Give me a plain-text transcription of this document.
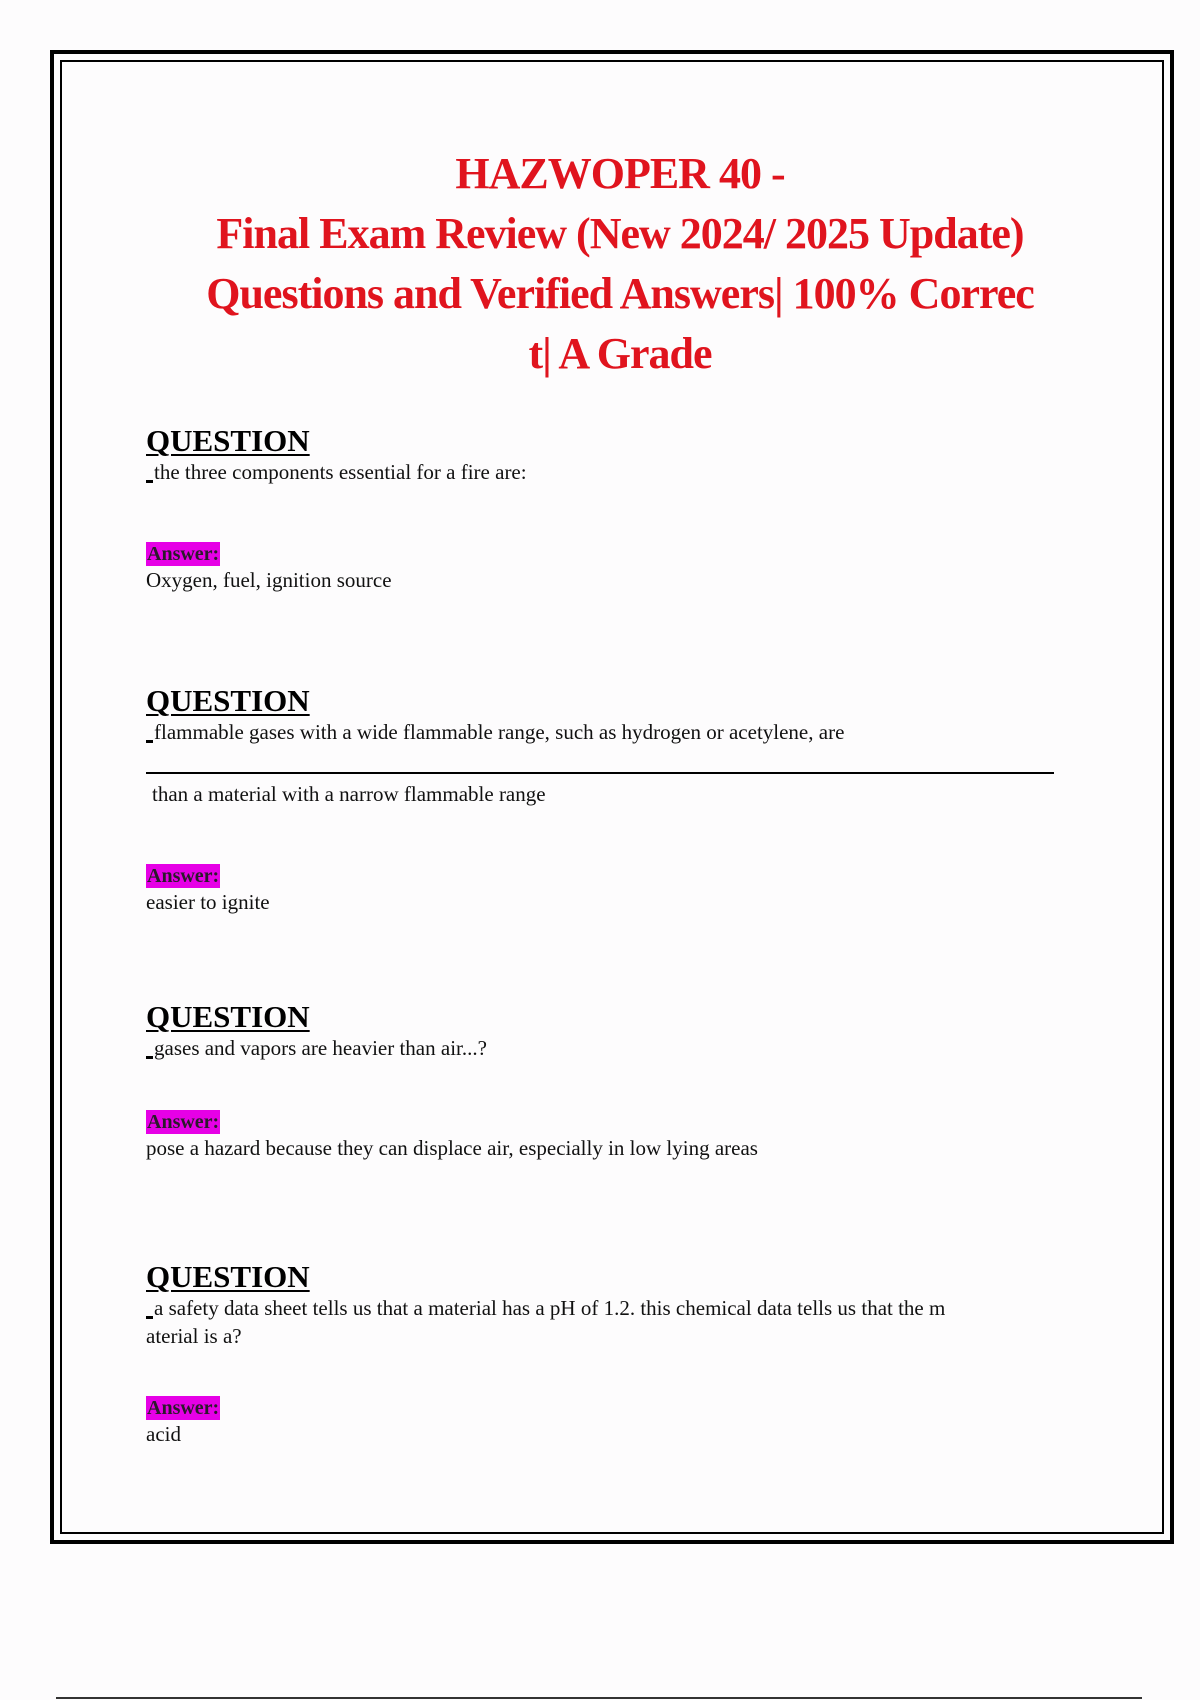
HAZWOPER 40 -
Final Exam Review (New 2024/ 2025 Update)
Questions and Verified Answers| 100% Correc
t| A Grade
QUESTION
the three components essential for a fire are:
Answer:
Oxygen, fuel, ignition source
QUESTION
flammable gases with a wide flammable range, such as hydrogen or acetylene, are
than a material with a narrow flammable range
Answer:
easier to ignite
QUESTION
gases and vapors are heavier than air...?
Answer:
pose a hazard because they can displace air, especially in low lying areas
QUESTION
a safety data sheet tells us that a material has a pH of 1.2. this chemical data tells us that the m
aterial is a?
Answer:
acid
